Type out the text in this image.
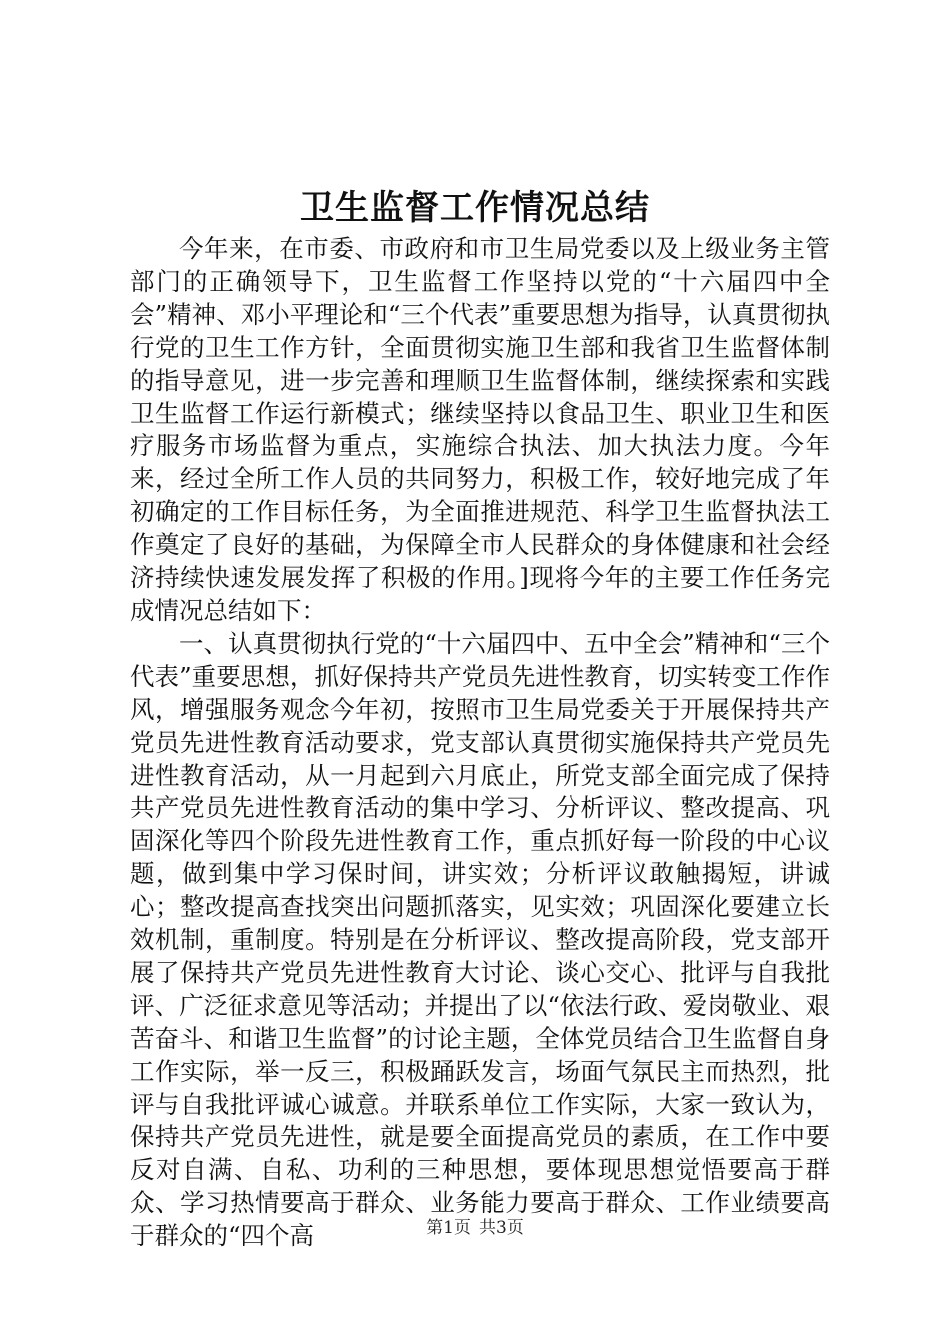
卫生监督工作情况总结

今年来，在市委、市政府和市卫生局党委以及上级业务主管部门的正确领导下，卫生监督工作坚持以党的“十六届四中全会”精神、邓小平理论和“三个代表”重要思想为指导，认真贯彻执行党的卫生工作方针，全面贯彻实施卫生部和我省卫生监督体制的指导意见，进一步完善和理顺卫生监督体制，继续探索和实践卫生监督工作运行新模式；继续坚持以食品卫生、职业卫生和医疗服务市场监督为重点，实施综合执法、加大执法力度。今年来，经过全所工作人员的共同努力，积极工作，较好地完成了年初确定的工作目标任务，为全面推进规范、科学卫生监督执法工作奠定了良好的基础，为保障全市人民群众的身体健康和社会经济持续快速发展发挥了积极的作用。]现将今年的主要工作任务完成情况总结如下：

一、认真贯彻执行党的“十六届四中、五中全会”精神和“三个代表”重要思想，抓好保持共产党员先进性教育，切实转变工作作风，增强服务观念今年初，按照市卫生局党委关于开展保持共产党员先进性教育活动要求，党支部认真贯彻实施保持共产党员先进性教育活动，从一月起到六月底止，所党支部全面完成了保持共产党员先进性教育活动的集中学习、分析评议、整改提高、巩固深化等四个阶段先进性教育工作，重点抓好每一阶段的中心议题，做到集中学习保时间，讲实效；分析评议敢触揭短，讲诚心；整改提高查找突出问题抓落实，见实效；巩固深化要建立长效机制，重制度。特别是在分析评议、整改提高阶段，党支部开展了保持共产党员先进性教育大讨论、谈心交心、批评与自我批评、广泛征求意见等活动；并提出了以“依法行政、爱岗敬业、艰苦奋斗、和谐卫生监督”的讨论主题，全体党员结合卫生监督自身工作实际，举一反三，积极踊跃发言，场面气氛民主而热烈，批评与自我批评诚心诚意。并联系单位工作实际，大家一致认为，保持共产党员先进性，就是要全面提高党员的素质，在工作中要反对自满、自私、功利的三种思想，要体现思想觉悟要高于群众、学习热情要高于群众、业务能力要高于群众、工作业绩要高于群众的“四个高	第1页 共3页
